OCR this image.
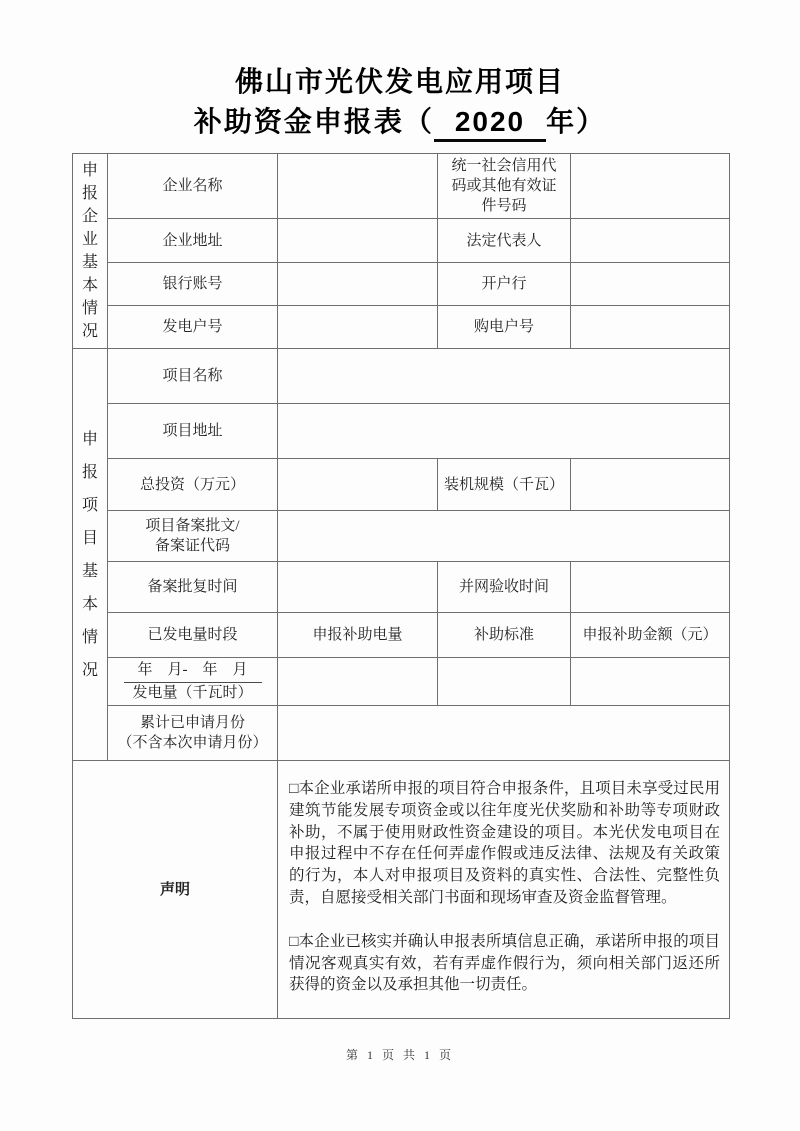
佛山市光伏发电应用项目
补助资金申报表（ 2020 年）
申报企业基本情况	企业名称		统一社会信用代
码或其他有效证
件号码	

	企业地址		法定代表人	
	银行账号		开户行	
	发电户号		购电户号	

申报项目基本情况	项目名称			
	项目地址			
	总投资（万元）		装机规模（千瓦）	

	项目备案批文/
备案证代码			

	备案批复时间		并网验收时间	
	已发电量时段	申报补助电量	补助标准	申报补助金额（元）

	年　月-　年　月
发电量（千瓦时）			

	累计已申请月份
（不含本次申请月份）			

声明		□本企业承诺所申报的项目符合申报条件，且项目未享受过民用建筑节能发展专项资金或以往年度光伏奖励和补助等专项财政补助，不属于使用财政性资金建设的项目。本光伏发电项目在申报过程中不存在任何弄虚作假或违反法律、法规及有关政策的行为，本人对申报项目及资料的真实性、合法性、完整性负责，自愿接受相关部门书面和现场审查及资金监督管理。
□本企业已核实并确认申报表所填信息正确，承诺所申报的项目情况客观真实有效，若有弄虚作假行为，须向相关部门返还所获得的资金以及承担其他一切责任。		
第 1 页 共 1 页
